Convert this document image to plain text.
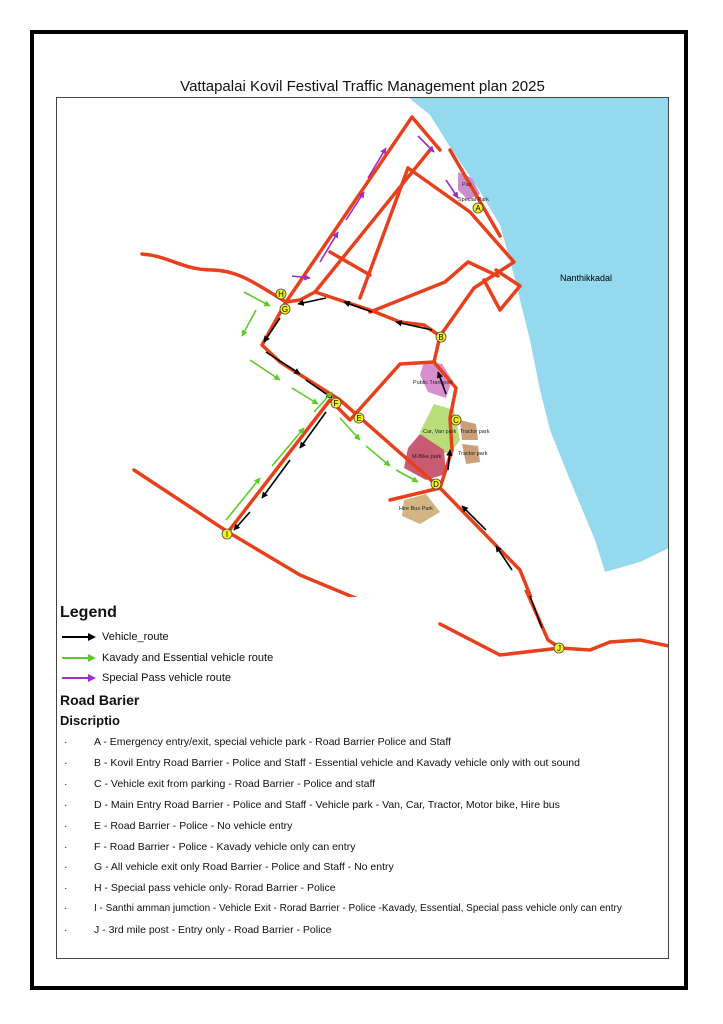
Vattapalai Kovil Festival Traffic Management plan 2025
Nanthikkadal
Pax
Special Park
Public Transport
Car, Van park Tractor park
Tractor park
M-Bike park
Hire Bus Park
A
B
C
D
E
F
G
H
I
J
Legend
Vehicle_route
Kavady and Essential vehicle route
Special Pass vehicle route
Road Barier
Discriptio
·	A - Emergency entry/exit, special vehicle park - Road Barrier Police and Staff
·	B - Kovil Entry Road Barrier - Police and Staff - Essential vehicle and Kavady vehicle only with out sound
·	C - Vehicle exit from parking - Road Barrier - Police and staff
·	D - Main Entry Road Barrier - Police and Staff - Vehicle park - Van, Car, Tractor, Motor bike, Hire bus
·	E - Road Barrier - Police - No vehicle entry
·	F - Road Barrier - Police - Kavady vehicle only can entry
·	G - All vehicle exit only Road Barrier - Police and Staff - No entry
·	H - Special pass vehicle only- Rorad Barrier - Police
·	I - Santhi amman jumction - Vehicle Exit - Rorad Barrier - Police -Kavady, Essential, Special pass vehicle only can entry
·	J - 3rd mile post - Entry only - Road Barrier - Police
